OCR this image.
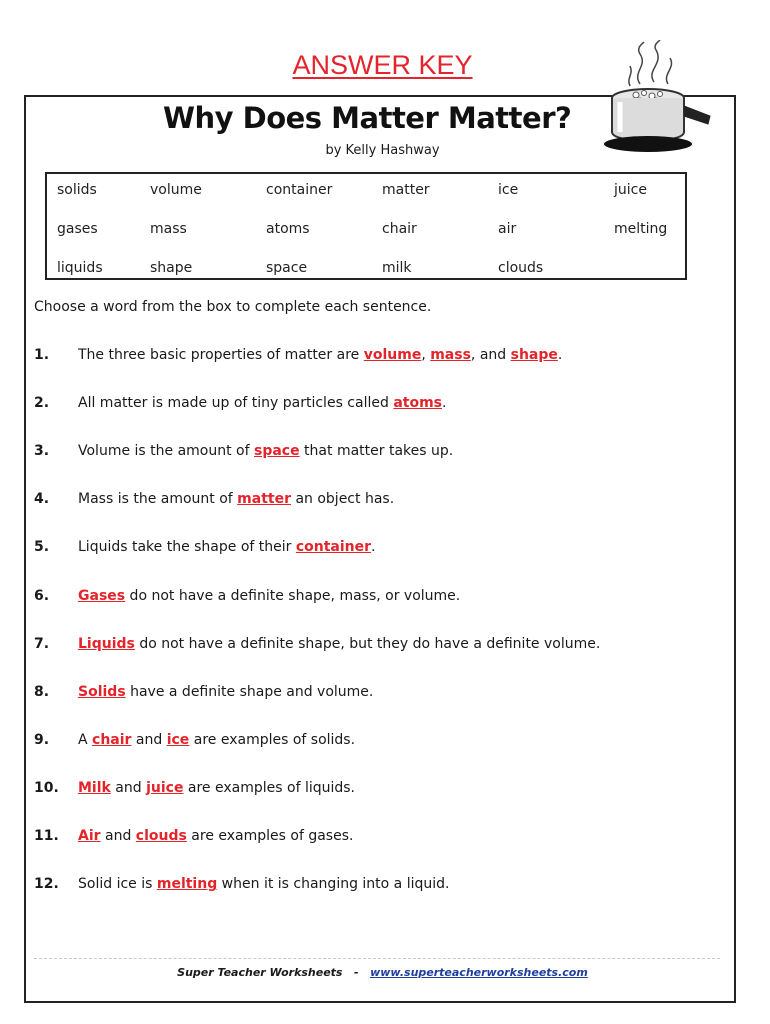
ANSWER KEY
Why Does Matter Matter?
by Kelly Hashway
Choose a word from the box to complete each sentence.
1. The three basic properties of matter are volume, mass, and shape.
2. All matter is made up of tiny particles called atoms.
3. Volume is the amount of space that matter takes up.
4. Mass is the amount of matter an object has.
5. Liquids take the shape of their container.
6. Gases do not have a definite shape, mass, or volume.
7. Liquids do not have a definite shape, but they do have a definite volume.
8. Solids have a definite shape and volume.
9. A chair and ice are examples of solids.
10. Milk and juice are examples of liquids.
11. Air and clouds are examples of gases.
12. Solid ice is melting when it is changing into a liquid.
Super Teacher Worksheets - www.superteacherworksheets.com
solids	volume	container	matter	ice	juice
gases	mass	atoms	chair	air	melting
liquids	shape	space	milk	clouds
